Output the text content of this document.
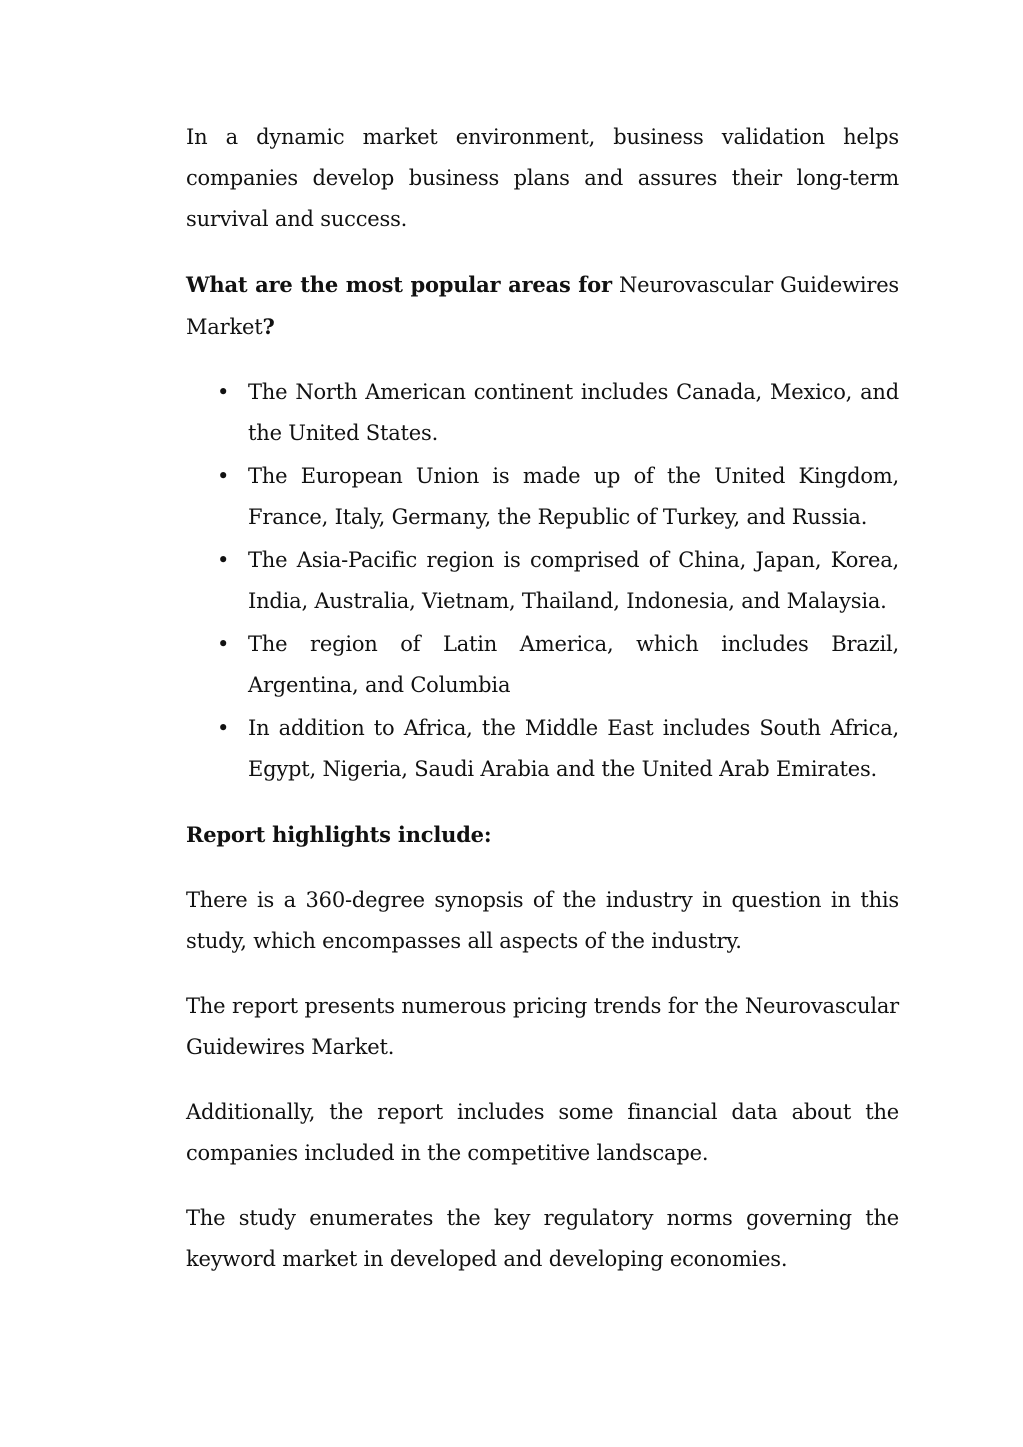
In a dynamic market environment, business validation helps companies develop business plans and assures their long-term survival and success.

What are the most popular areas for Neurovascular Guidewires Market?

• The North American continent includes Canada, Mexico, and the United States.
• The European Union is made up of the United Kingdom, France, Italy, Germany, the Republic of Turkey, and Russia.
• The Asia-Pacific region is comprised of China, Japan, Korea, India, Australia, Vietnam, Thailand, Indonesia, and Malaysia.
• The region of Latin America, which includes Brazil, Argentina, and Columbia
• In addition to Africa, the Middle East includes South Africa, Egypt, Nigeria, Saudi Arabia and the United Arab Emirates.

Report highlights include:

There is a 360-degree synopsis of the industry in question in this study, which encompasses all aspects of the industry.

The report presents numerous pricing trends for the Neurovascular Guidewires Market.

Additionally, the report includes some financial data about the companies included in the competitive landscape.

The study enumerates the key regulatory norms governing the keyword market in developed and developing economies.
